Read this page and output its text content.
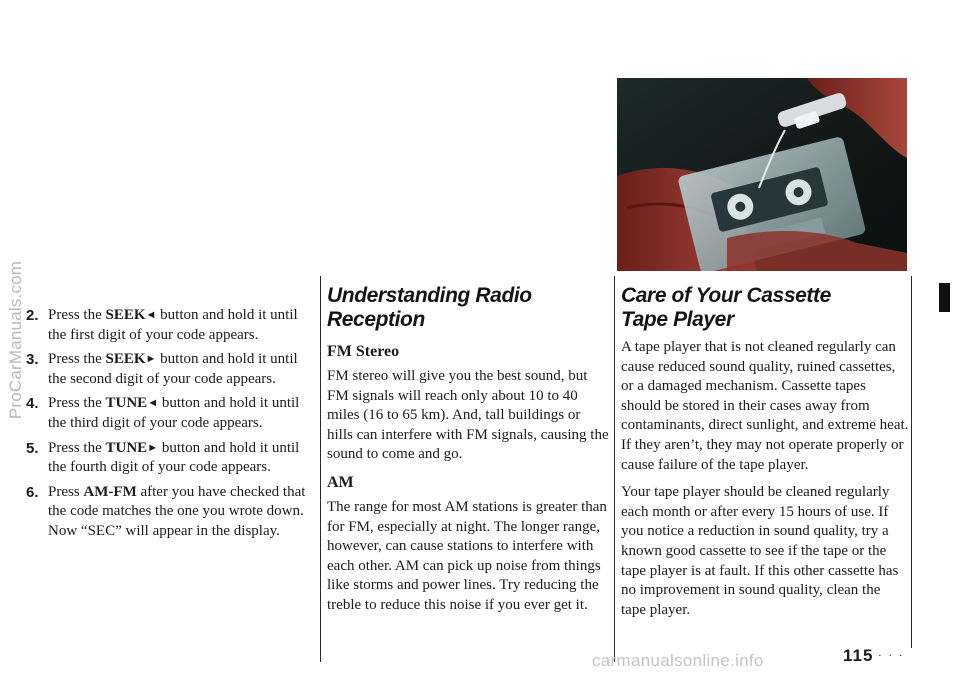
ProCarManuals.com 2. Press the SEEK◄ button and hold it until the first digit of your code appears.
3. Press the SEEK► button and hold it until the second digit of your code appears.
4. Press the TUNE◄ button and hold it until the third digit of your code appears.
5. Press the TUNE► button and hold it until the fourth digit of your code appears.
6. Press AM-FM after you have checked that the code matches the one you wrote down. Now “SEC” will appear in the display.
Understanding Radio Reception
FM Stereo

FM stereo will give you the best sound, but FM signals will reach only about 10 to 40 miles (16 to 65 km). And, tall buildings or hills can interfere with FM signals, causing the sound to come and go.

AM

The range for most AM stations is greater than for FM, especially at night. The longer range, however, can cause stations to interfere with each other. AM can pick up noise from things like storms and power lines. Try reducing the treble to reduce this noise if you ever get it.

Care of Your Cassette Tape Player

A tape player that is not cleaned regularly can cause reduced sound quality, ruined cassettes, or a damaged mechanism. Cassette tapes should be stored in their cases away from contaminants, direct sunlight, and extreme heat. If they aren’t, they may not operate properly or cause failure of the tape player.

Your tape player should be cleaned regularly each month or after every 15 hours of use. If you notice a reduction in sound quality, try a known good cassette to see if the tape or the tape player is at fault. If this other cassette has no improvement in sound quality, clean the tape player.

carmanualsonline.info	115 · · ·
